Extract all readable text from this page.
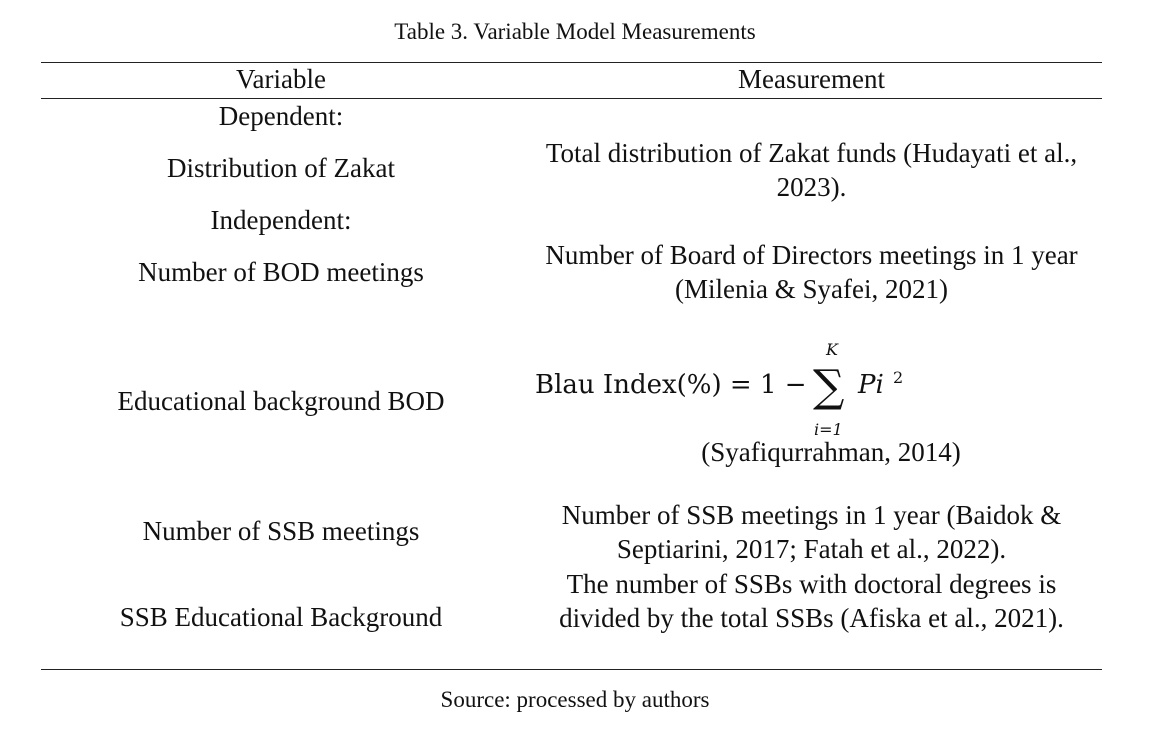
Table 3. Variable Model Measurements
Variable	Measurement
Dependent:
Distribution of Zakat	Total distribution of Zakat funds (Hudayati et al., 2023).
Independent:
Number of BOD meetings
Number of Board of Directors meetings in 1 year (Milenia & Syafei, 2021)
Educational background BOD
Blau Index(%) = 1 − ∑
K
i=1
Pi 2
(Syafiqurrahman, 2014)
Number of SSB meetings
Number of SSB meetings in 1 year (Baidok & Septiarini, 2017; Fatah et al., 2022).
SSB Educational Background
The number of SSBs with doctoral degrees is divided by the total SSBs (Afiska et al., 2021).
Source: processed by authors
